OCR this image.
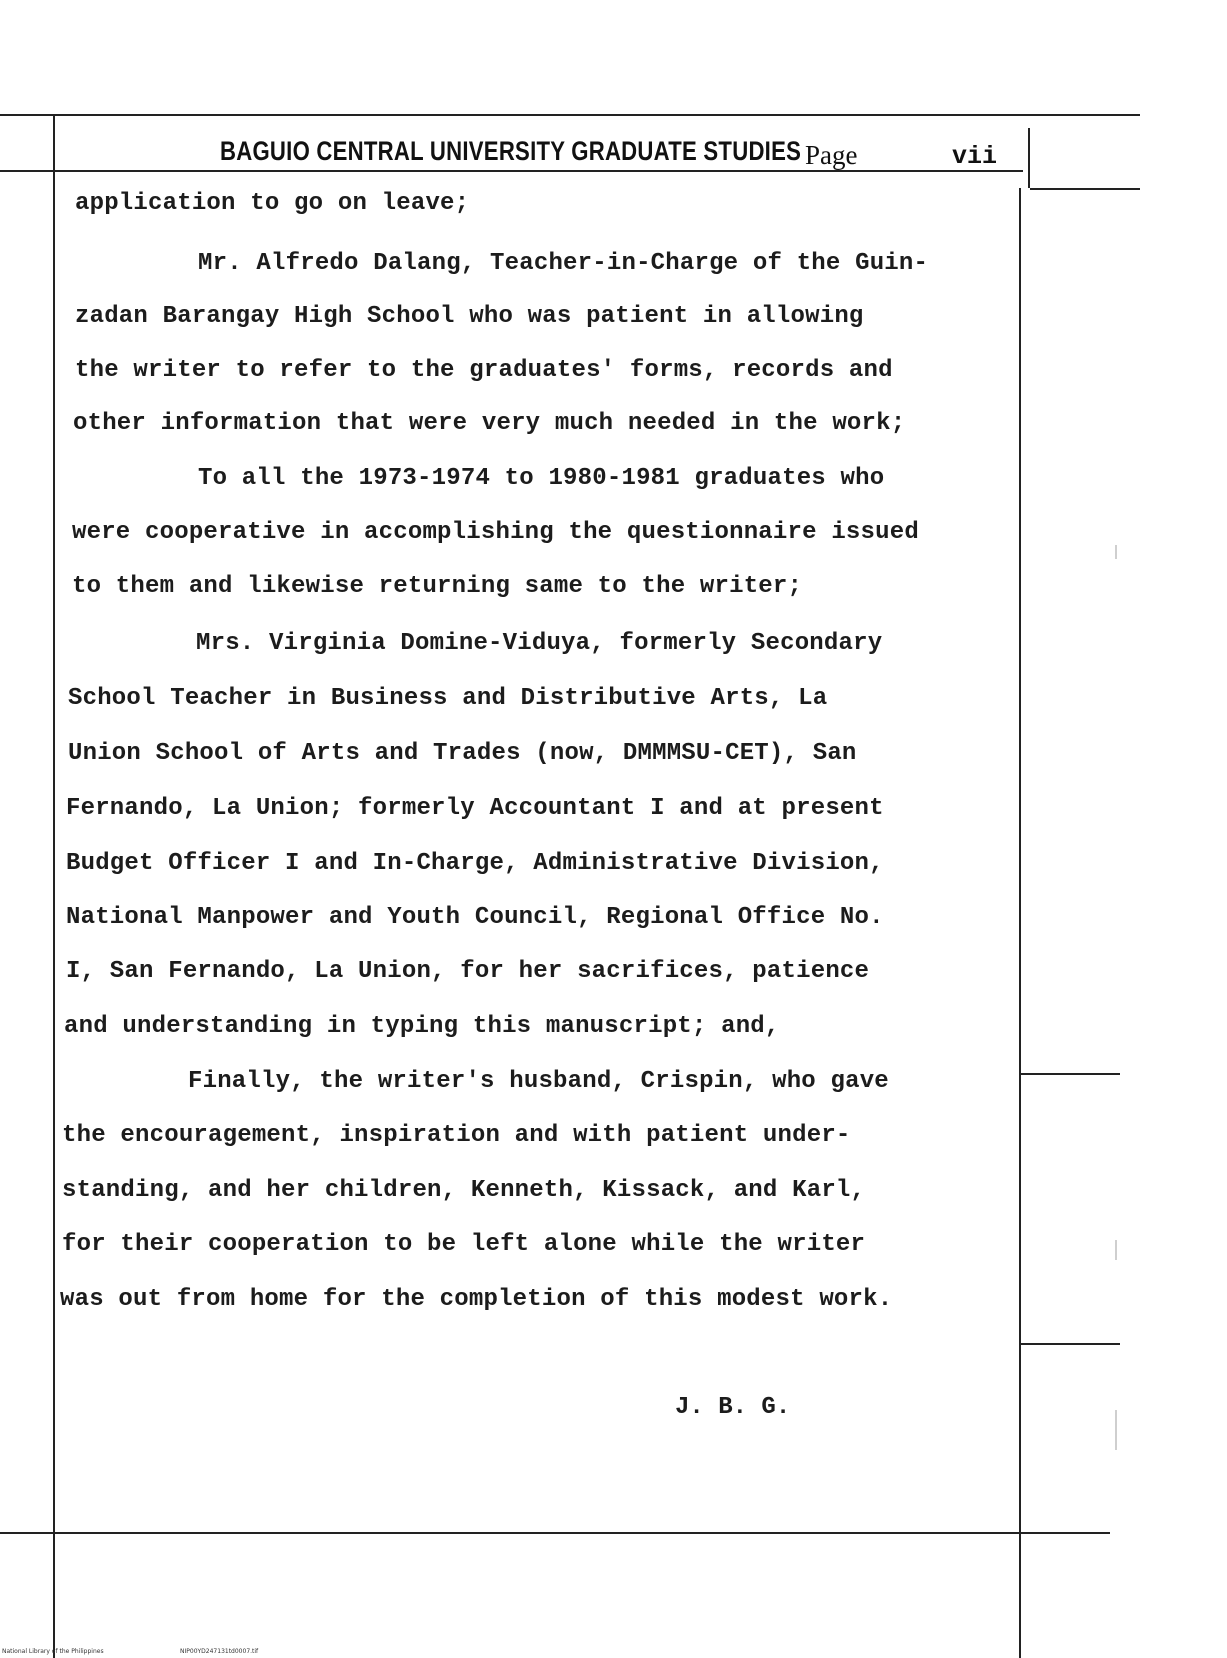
BAGUIO CENTRAL UNIVERSITY GRADUATE STUDIES Page	vii
application to go on leave;
Mr. Alfredo Dalang, Teacher-in-Charge of the Guin-
zadan Barangay High School who was patient in allowing
the writer to refer to the graduates' forms, records and
other information that were very much needed in the work;
To all the 1973-1974 to 1980-1981 graduates who
were cooperative in accomplishing the questionnaire issued
to them and likewise returning same to the writer;
Mrs. Virginia Domine-Viduya, formerly Secondary
School Teacher in Business and Distributive Arts, La
Union School of Arts and Trades (now, DMMMSU-CET), San
Fernando, La Union; formerly Accountant I and at present
Budget Officer I and In-Charge, Administrative Division,
National Manpower and Youth Council, Regional Office No.
I, San Fernando, La Union, for her sacrifices, patience
and understanding in typing this manuscript; and,
Finally, the writer's husband, Crispin, who gave
the encouragement, inspiration and with patient under-
standing, and her children, Kenneth, Kissack, and Karl,
for their cooperation to be left alone while the writer
was out from home for the completion of this modest work.
J. B. G.
National Library of the Philippines	NIP00YD247131td0007.tif
